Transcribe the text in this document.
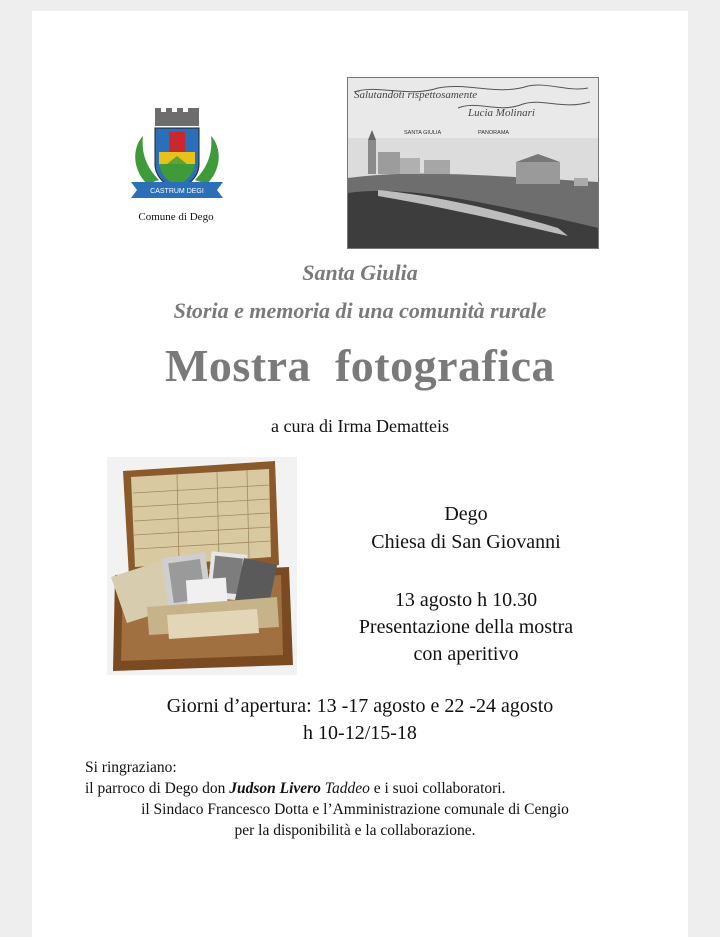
CASTRUM DEGI
Comune di Dego
Salutandoti rispettosamente
Lucia Molinari
SANTA GIULIA	PANORAMA
Santa Giulia
Storia e memoria di una comunità rurale
Mostra  fotografica
a cura di Irma Dematteis
Dego
Chiesa di San Giovanni
13 agosto h 10.30
Presentazione della mostra
con aperitivo
Giorni d’apertura: 13 -17 agosto e 22 -24 agosto
h 10-12/15-18
Si ringraziano:
il parroco di Dego don Judson Livero Taddeo e i suoi collaboratori.
il Sindaco Francesco Dotta e l’Amministrazione comunale di Cengio
per la disponibilità e la collaborazione.
